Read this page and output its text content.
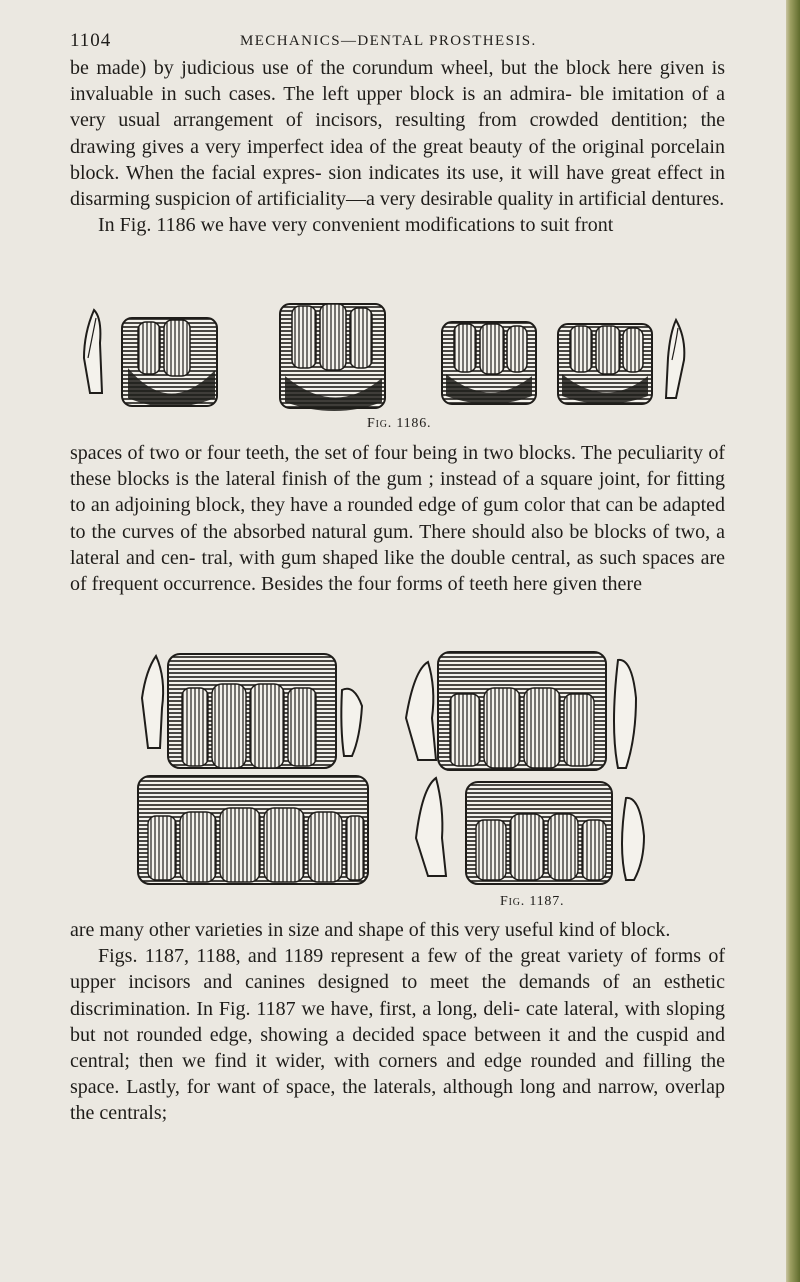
1104	MECHANICS—DENTAL PROSTHESIS.

be made) by judicious use of the corundum wheel, but the block here given is invaluable in such cases. The left upper block is an admira- ble imitation of a very usual arrangement of incisors, resulting from crowded dentition; the drawing gives a very imperfect idea of the great beauty of the original porcelain block. When the facial expres- sion indicates its use, it will have great effect in disarming suspicion of artificiality—a very desirable quality in artificial dentures.

In Fig. 1186 we have very convenient modifications to suit front

Fig. 1186.

spaces of two or four teeth, the set of four being in two blocks. The peculiarity of these blocks is the lateral finish of the gum ; instead of a square joint, for fitting to an adjoining block, they have a rounded edge of gum color that can be adapted to the curves of the absorbed natural gum. There should also be blocks of two, a lateral and cen- tral, with gum shaped like the double central, as such spaces are of frequent occurrence. Besides the four forms of teeth here given there

Fig. 1187.

are many other varieties in size and shape of this very useful kind of block.

Figs. 1187, 1188, and 1189 represent a few of the great variety of forms of upper incisors and canines designed to meet the demands of an esthetic discrimination. In Fig. 1187 we have, first, a long, deli- cate lateral, with sloping but not rounded edge, showing a decided space between it and the cuspid and central; then we find it wider, with corners and edge rounded and filling the space. Lastly, for want of space, the laterals, although long and narrow, overlap the centrals;
